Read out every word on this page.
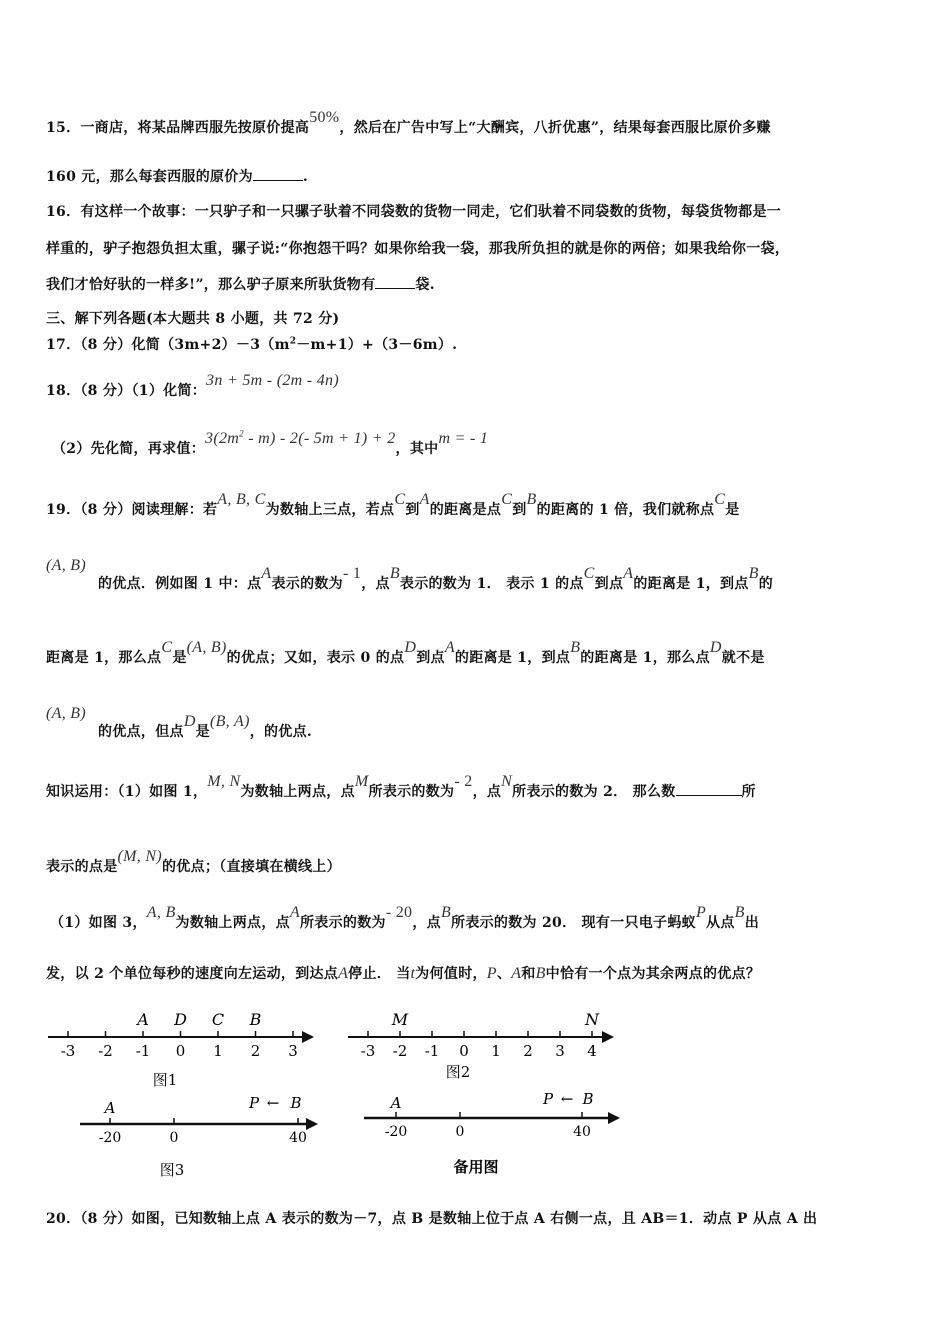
15．一商店，将某品牌西服先按原价提高50%，然后在广告中写上“大酬宾，八折优惠”，结果每套西服比原价多赚
160 元，那么每套西服的原价为	.
16．有这样一个故事：一只驴子和一只骡子驮着不同袋数的货物一同走，它们驮着不同袋数的货物，每袋货物都是一
样重的，驴子抱怨负担太重，骡子说:“你抱怨干吗？如果你给我一袋，那我所负担的就是你的两倍；如果我给你一袋，
我们才恰好驮的一样多!”，那么驴子原来所驮货物有	袋.
三、解下列各题(本大题共 8 小题，共 72 分)
17．（8 分）化简$(3m+2)-3(m^2-m+1)+(3-6m)$.
18．（8 分）（1）化简：3n + 5m - (2m - 4n)
（2）先化简，再求值：$3(2m^2 - m) - 2(-$ 5m + 1) + 2，其中m = - 1
19．（8 分）阅读理解：若A, B, C为数轴上三点，若点C到A的距离是点C到B的距离的 1 倍，我们就称点C是
(A, B)
的优点．例如图 1 中：点A表示的数为- 1，点B表示的数为 1． 表示 1 的点C到点A的距离是 1，到点B的
距离是 1，那么点C是(A, B)的优点；又如，表示 0 的点D到点A的距离是 1，到点B的距离是 1，那么点D就不是
(A, B)
的优点，但点D是(B, A)，的优点.
知识运用：（1）如图 1，M, N为数轴上两点，点M所表示的数为- 2，点N所表示的数为 2． 那么数	所
表示的点是(M, N)的优点；（直接填在横线上）
（1）如图 3，A, B为数轴上两点，点A所表示的数为- 20，点B所表示的数为 20． 现有一只电子蚂蚁P从点B出
发，以 2 个单位每秒的速度向左运动，到达点A停止． 当t为何值时，P、A和B中恰有一个点为其余两点的优点？
图1
-3 -2 -1 0 1 2 3
A D C B
图2
-3 -2 -1 0 1 2 3 4
M	N
A	P ← B
-20	0	40
图3
A	P ← B
-20	0	40
备用图
20．（8 分）如图，已知数轴上点 A 表示的数为－7，点 B 是数轴上位于点 A 右侧一点，且 AB＝1．动点 P 从点 A 出
